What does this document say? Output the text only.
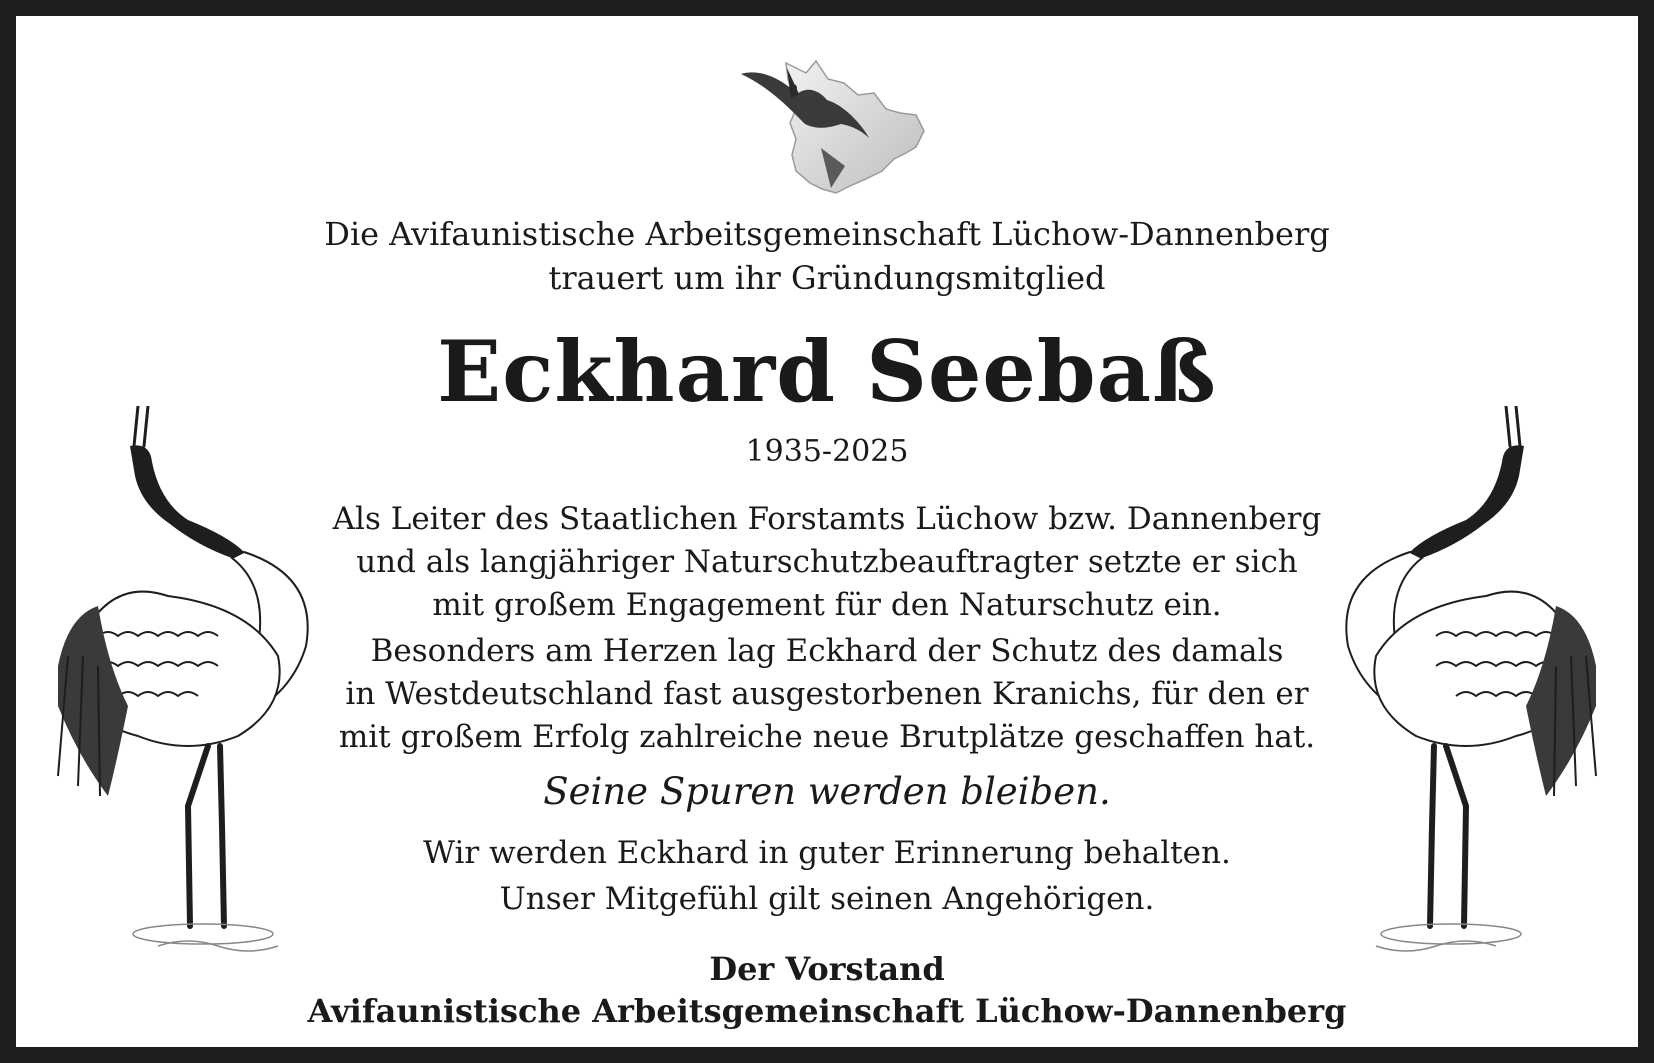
Die Avifaunistische Arbeitsgemeinschaft Lüchow-Dannenberg
trauert um ihr Gründungsmitglied
Eckhard Seebaß
1935-2025
Als Leiter des Staatlichen Forstamts Lüchow bzw. Dannenberg
und als langjähriger Naturschutzbeauftragter setzte er sich
mit großem Engagement für den Naturschutz ein.
Besonders am Herzen lag Eckhard der Schutz des damals
in Westdeutschland fast ausgestorbenen Kranichs, für den er
mit großem Erfolg zahlreiche neue Brutplätze geschaffen hat.
Seine Spuren werden bleiben.
Wir werden Eckhard in guter Erinnerung behalten.
Unser Mitgefühl gilt seinen Angehörigen.
Der Vorstand
Avifaunistische Arbeitsgemeinschaft Lüchow-Dannenberg
